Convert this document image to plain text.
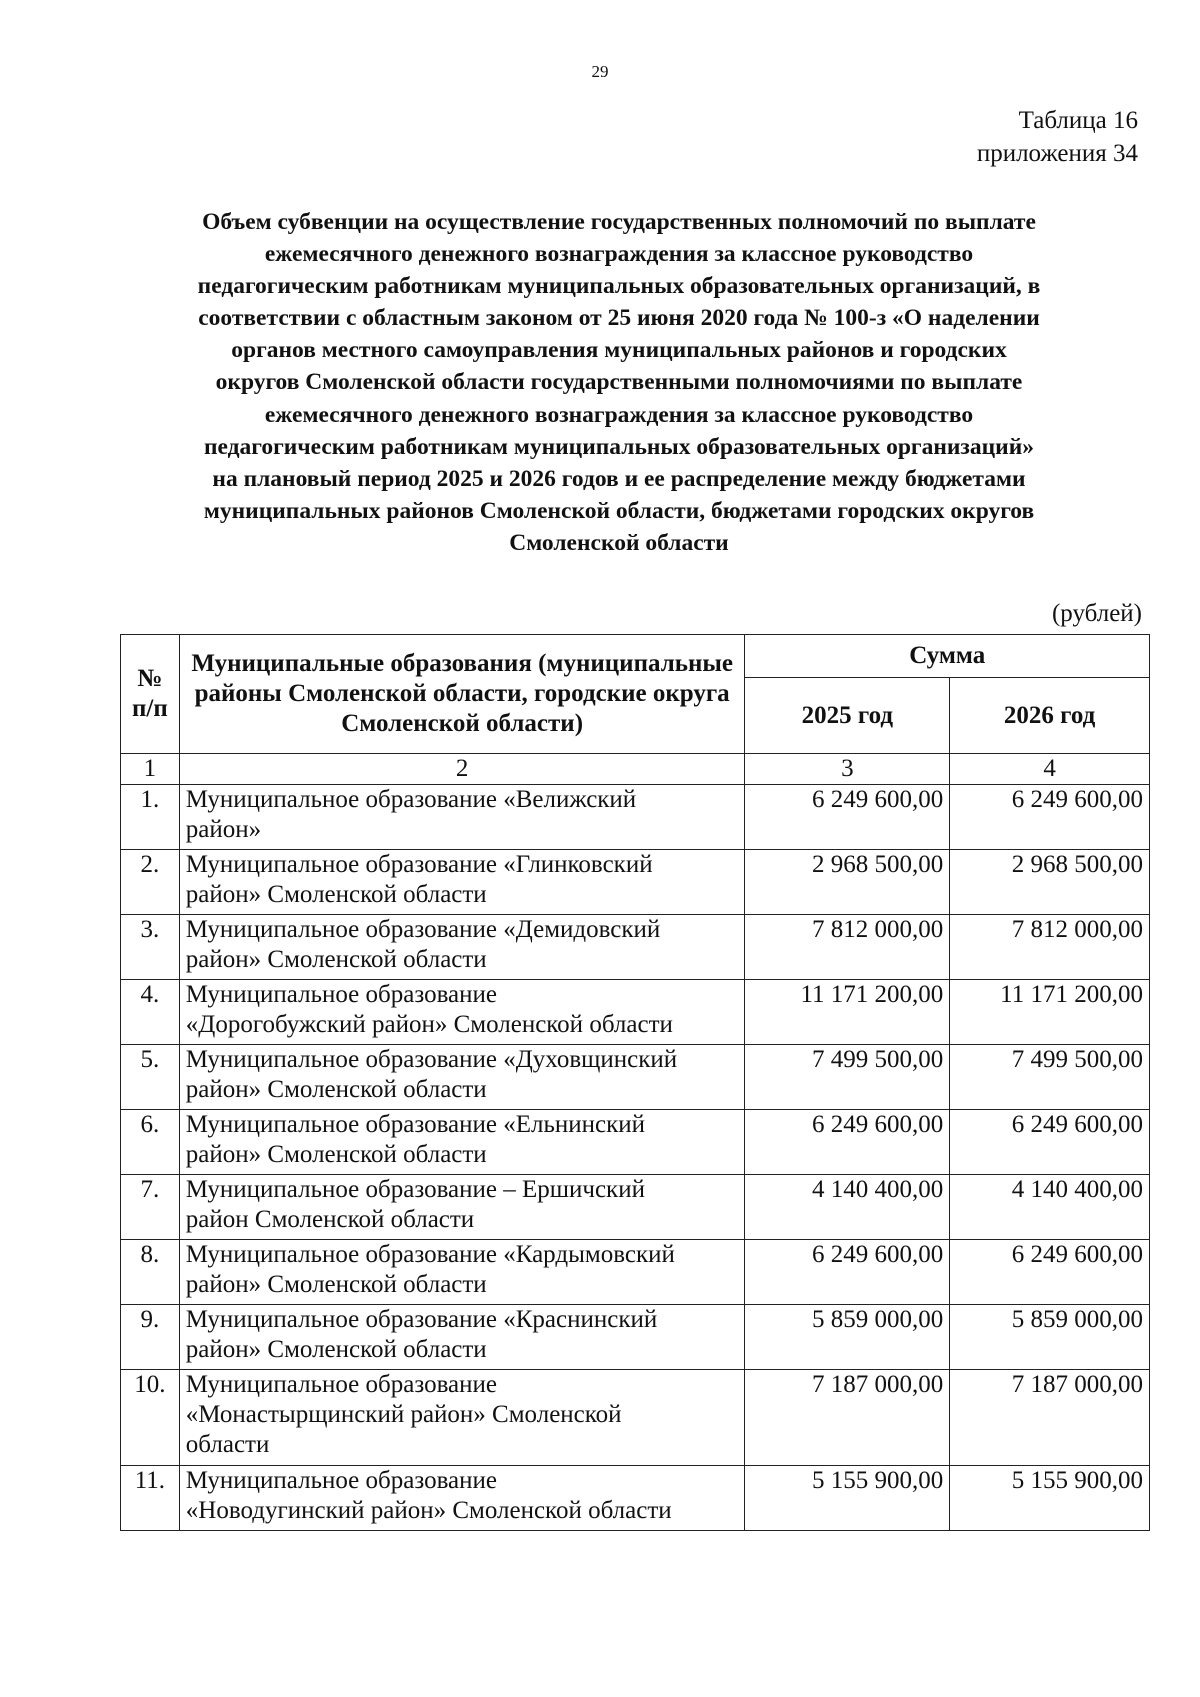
29
Таблица 16
приложения 34
Объем субвенции на осуществление государственных полномочий по выплате
ежемесячного денежного вознаграждения за классное руководство
педагогическим работникам муниципальных образовательных организаций, в
соответствии с областным законом от 25 июня 2020 года № 100-з «О наделении
органов местного самоуправления муниципальных районов и городских
округов Смоленской области государственными полномочиями по выплате
ежемесячного денежного вознаграждения за классное руководство
педагогическим работникам муниципальных образовательных организаций»
на плановый период 2025 и 2026 годов и ее распределение между бюджетами
муниципальных районов Смоленской области, бюджетами городских округов
Смоленской области
(рублей)
№
п/п	Муниципальные образования (муниципальные районы Смоленской области, городские округа Смоленской области)	Сумма	
		2025 год	2026 год
1	2	3	4
1.	Муниципальное образование «Велижский
район»	6 249 600,00	6 249 600,00
2.	Муниципальное образование «Глинковский
район» Смоленской области	2 968 500,00	2 968 500,00
3.	Муниципальное образование «Демидовский
район» Смоленской области	7 812 000,00	7 812 000,00
4.	Муниципальное образование
«Дорогобужский район» Смоленской области	11 171 200,00	11 171 200,00
5.	Муниципальное образование «Духовщинский
район» Смоленской области	7 499 500,00	7 499 500,00
6.	Муниципальное образование «Ельнинский
район» Смоленской области	6 249 600,00	6 249 600,00
7.	Муниципальное образование – Ершичский
район Смоленской области	4 140 400,00	4 140 400,00
8.	Муниципальное образование «Кардымовский
район» Смоленской области	6 249 600,00	6 249 600,00
9.	Муниципальное образование «Краснинский
район» Смоленской области	5 859 000,00	5 859 000,00
10.	Муниципальное образование
«Монастырщинский район» Смоленской
области	7 187 000,00	7 187 000,00
11.	Муниципальное образование
«Новодугинский район» Смоленской области	5 155 900,00	5 155 900,00
